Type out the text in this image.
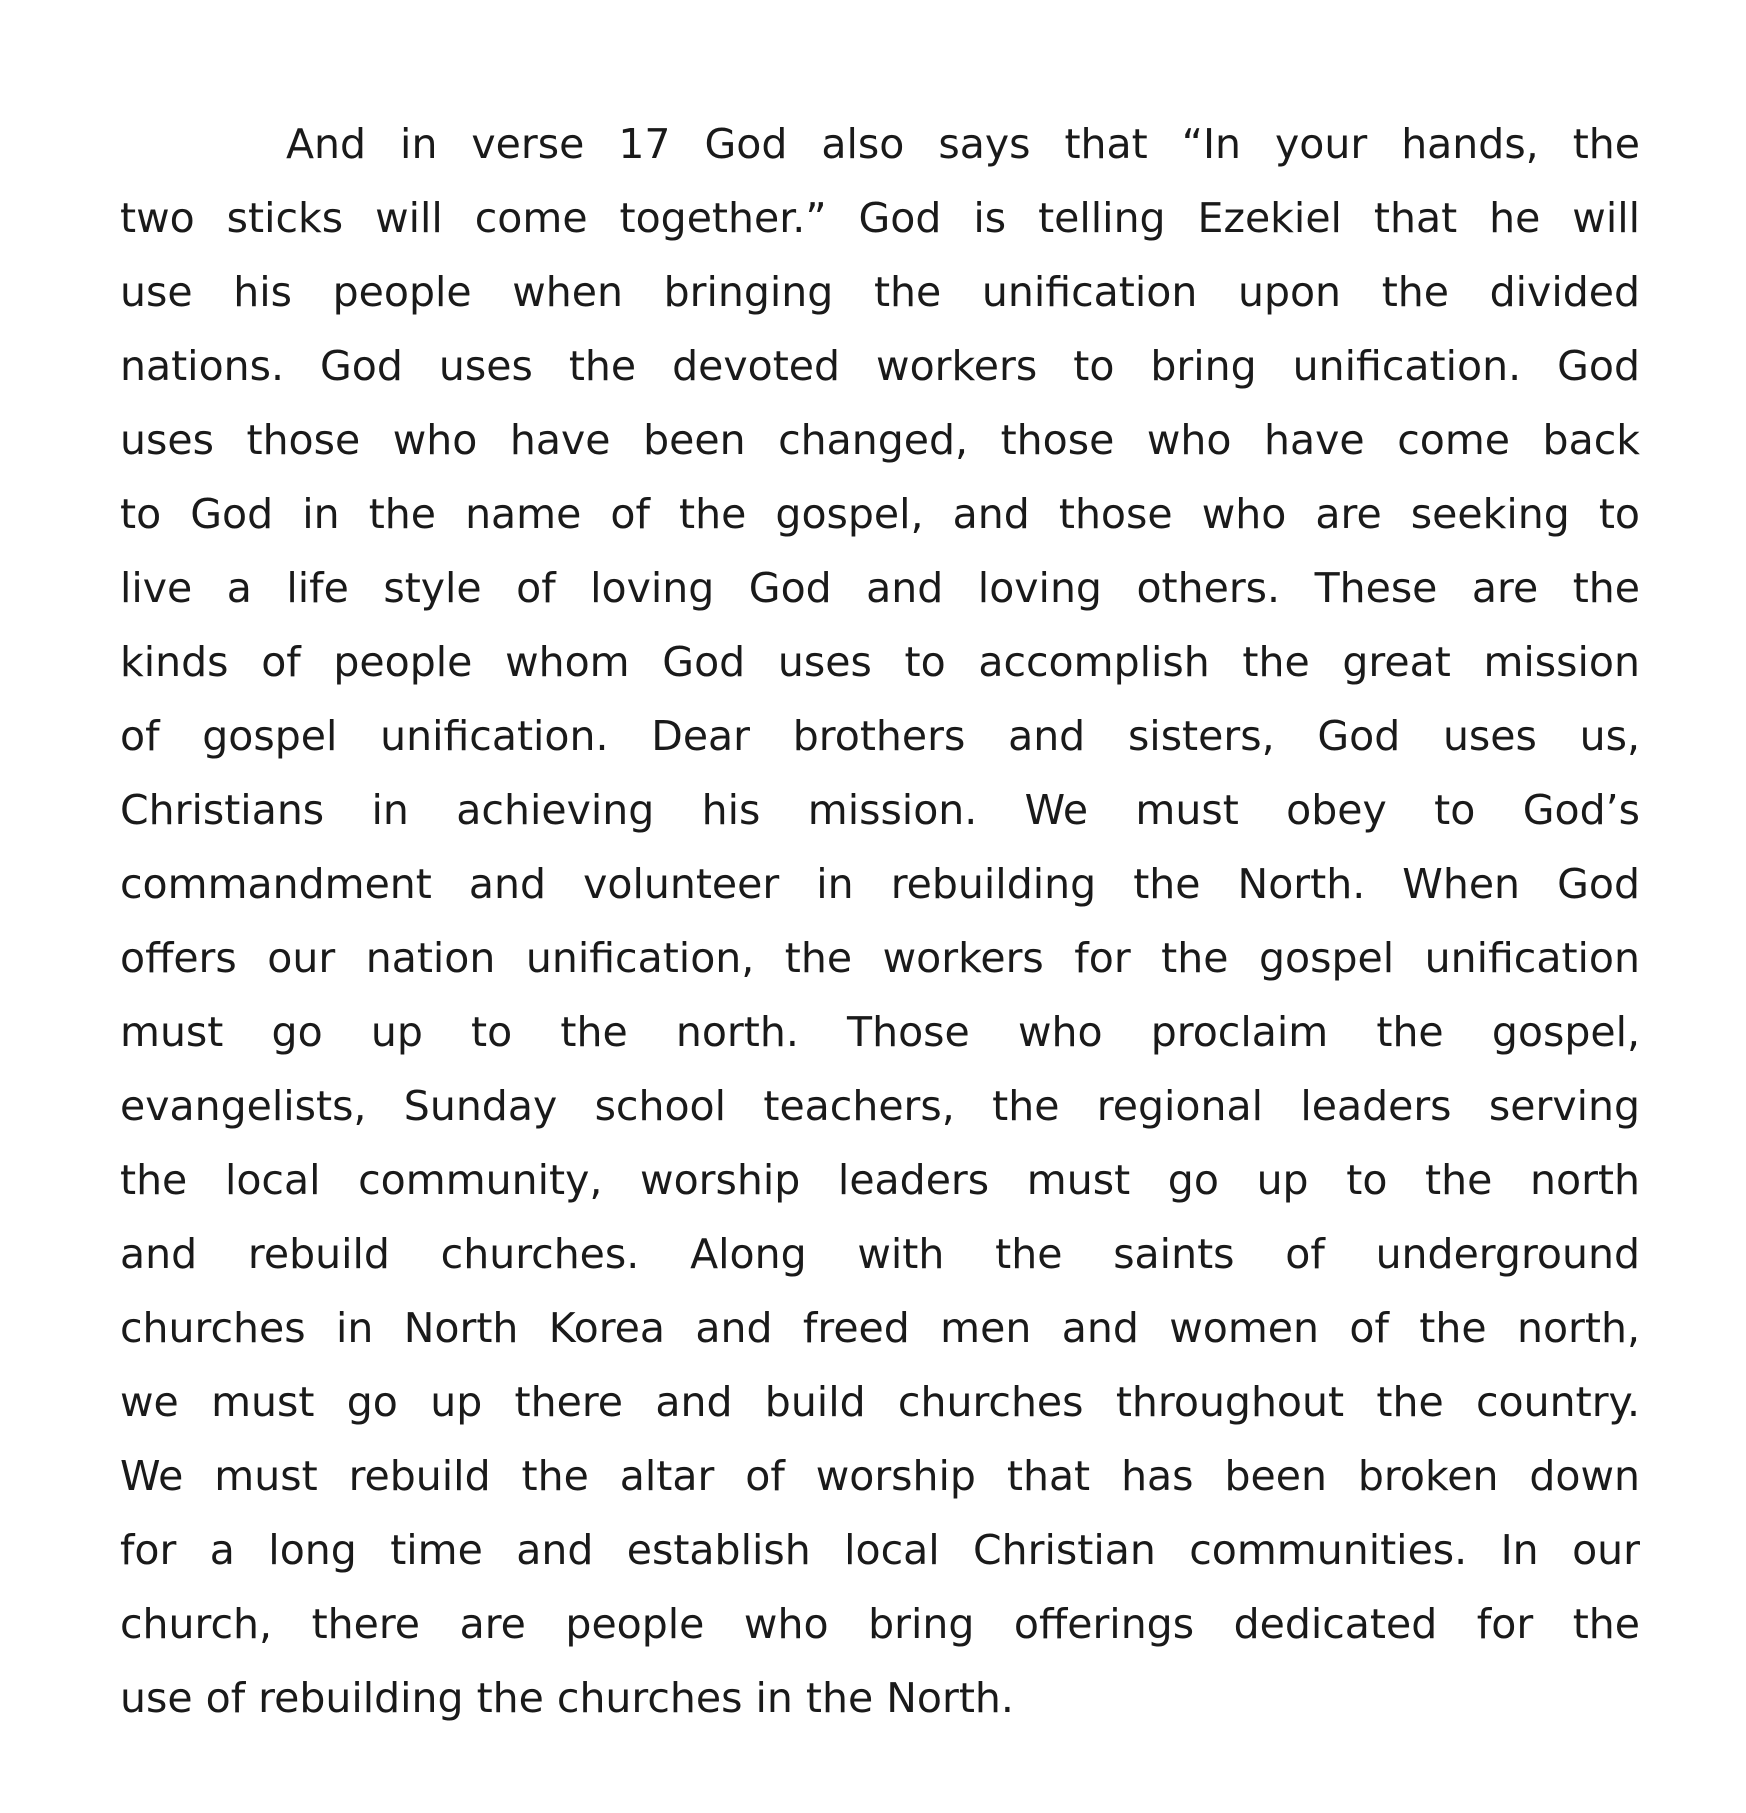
And in verse 17 God also says that “In your hands, the
two sticks will come together.” God is telling Ezekiel that he will
use his people when bringing the unification upon the divided
nations. God uses the devoted workers to bring unification. God
uses those who have been changed, those who have come back
to God in the name of the gospel, and those who are seeking to
live a life style of loving God and loving others. These are the
kinds of people whom God uses to accomplish the great mission
of gospel unification. Dear brothers and sisters, God uses us,
Christians in achieving his mission. We must obey to God’s
commandment and volunteer in rebuilding the North. When God
offers our nation unification, the workers for the gospel unification
must go up to the north. Those who proclaim the gospel,
evangelists, Sunday school teachers, the regional leaders serving
the local community, worship leaders must go up to the north
and rebuild churches. Along with the saints of underground
churches in North Korea and freed men and women of the north,
we must go up there and build churches throughout the country.
We must rebuild the altar of worship that has been broken down
for a long time and establish local Christian communities. In our
church, there are people who bring offerings dedicated for the
use of rebuilding the churches in the North.
